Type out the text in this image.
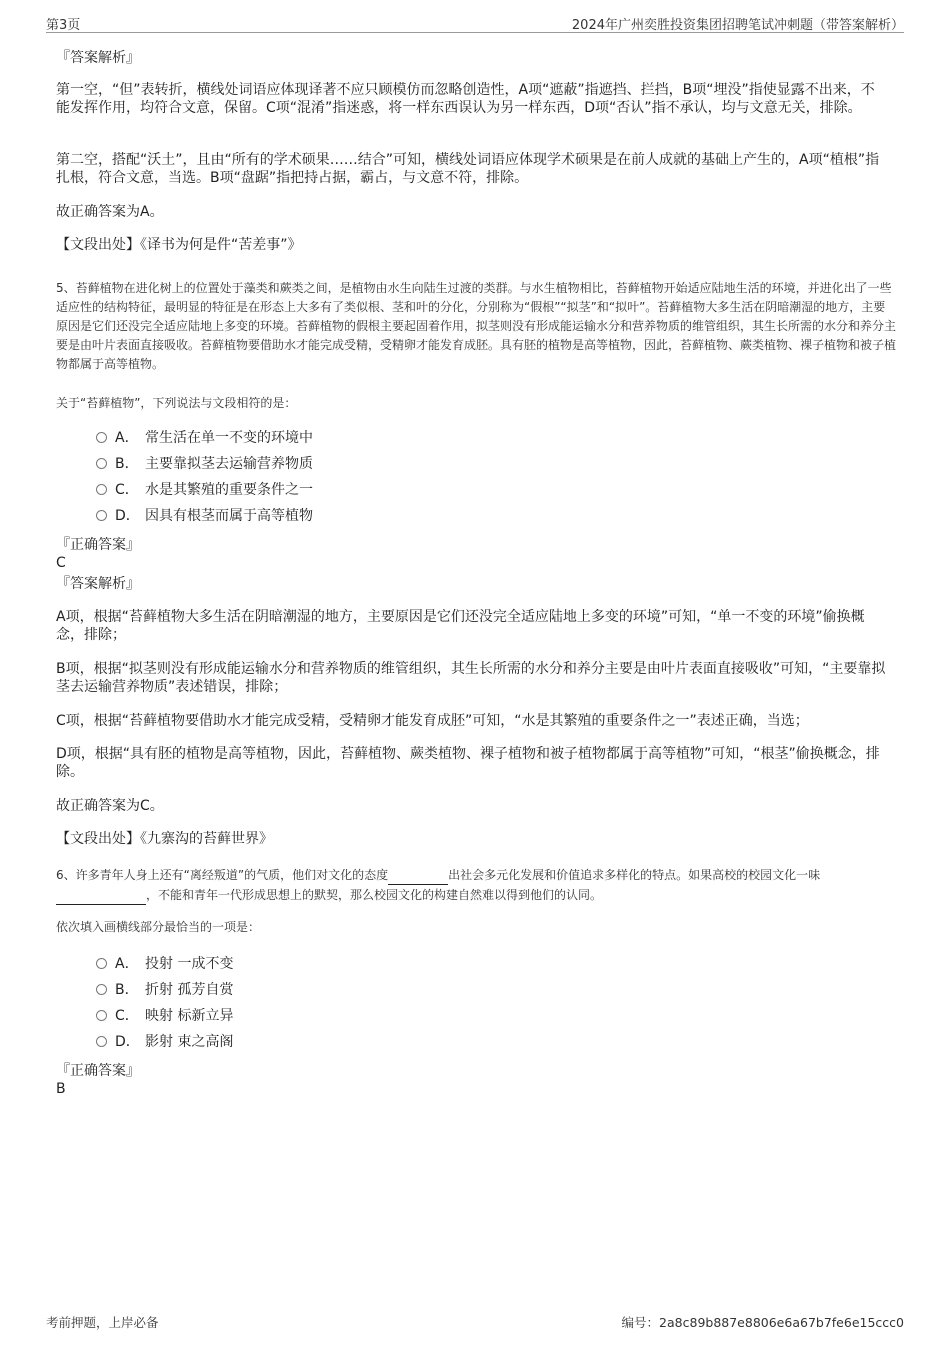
第3页	2024年广州奕胜投资集团招聘笔试冲刺题（带答案解析）
『答案解析』
第一空，“但”表转折，横线处词语应体现译著不应只顾模仿而忽略创造性，A项“遮蔽”指遮挡、拦挡，B项“埋没”指使显露不出来，不能发挥作用，均符合文意，保留。C项“混淆”指迷惑，将一样东西误认为另一样东西，D项“否认”指不承认，均与文意无关，排除。
第二空，搭配“沃土”，且由“所有的学术硕果……结合”可知，横线处词语应体现学术硕果是在前人成就的基础上产生的，A项“植根”指扎根，符合文意，当选。B项“盘踞”指把持占据，霸占，与文意不符，排除。
故正确答案为A。
【文段出处】《译书为何是件“苦差事”》
5、苔藓植物在进化树上的位置处于藻类和蕨类之间，是植物由水生向陆生过渡的类群。与水生植物相比，苔藓植物开始适应陆地生活的环境，并进化出了一些适应性的结构特征，最明显的特征是在形态上大多有了类似根、茎和叶的分化，分别称为“假根”“拟茎”和“拟叶”。苔藓植物大多生活在阴暗潮湿的地方，主要原因是它们还没完全适应陆地上多变的环境。苔藓植物的假根主要起固着作用，拟茎则没有形成能运输水分和营养物质的维管组织，其生长所需的水分和养分主要是由叶片表面直接吸收。苔藓植物要借助水才能完成受精，受精卵才能发育成胚。具有胚的植物是高等植物，因此，苔藓植物、蕨类植物、裸子植物和被子植物都属于高等植物。
关于“苔藓植物”，下列说法与文段相符的是：
A． 常生活在单一不变的环境中
B． 主要靠拟茎去运输营养物质
C． 水是其繁殖的重要条件之一
D． 因具有根茎而属于高等植物
『正确答案』
C
『答案解析』
A项，根据“苔藓植物大多生活在阴暗潮湿的地方，主要原因是它们还没完全适应陆地上多变的环境”可知，“单一不变的环境”偷换概念，排除；
B项，根据“拟茎则没有形成能运输水分和营养物质的维管组织，其生长所需的水分和养分主要是由叶片表面直接吸收”可知，“主要靠拟茎去运输营养物质”表述错误，排除；
C项，根据“苔藓植物要借助水才能完成受精，受精卵才能发育成胚”可知，“水是其繁殖的重要条件之一”表述正确，当选；
D项，根据“具有胚的植物是高等植物，因此，苔藓植物、蕨类植物、裸子植物和被子植物都属于高等植物”可知，“根茎”偷换概念，排除。
故正确答案为C。
【文段出处】《九寨沟的苔藓世界》
6、许多青年人身上还有“离经叛道”的气质，他们对文化的态度	出社会多元化发展和价值追求多样化的特点。如果高校的校园文化一味 ，不能和青年一代形成思想上的默契，那么校园文化的构建自然难以得到他们的认同。
依次填入画横线部分最恰当的一项是：
A． 投射 一成不变
B． 折射 孤芳自赏
C． 映射 标新立异
D． 影射 束之高阁
『正确答案』
B
考前押题，上岸必备	编号：2a8c89b887e8806e6a67b7fe6e15ccc0
